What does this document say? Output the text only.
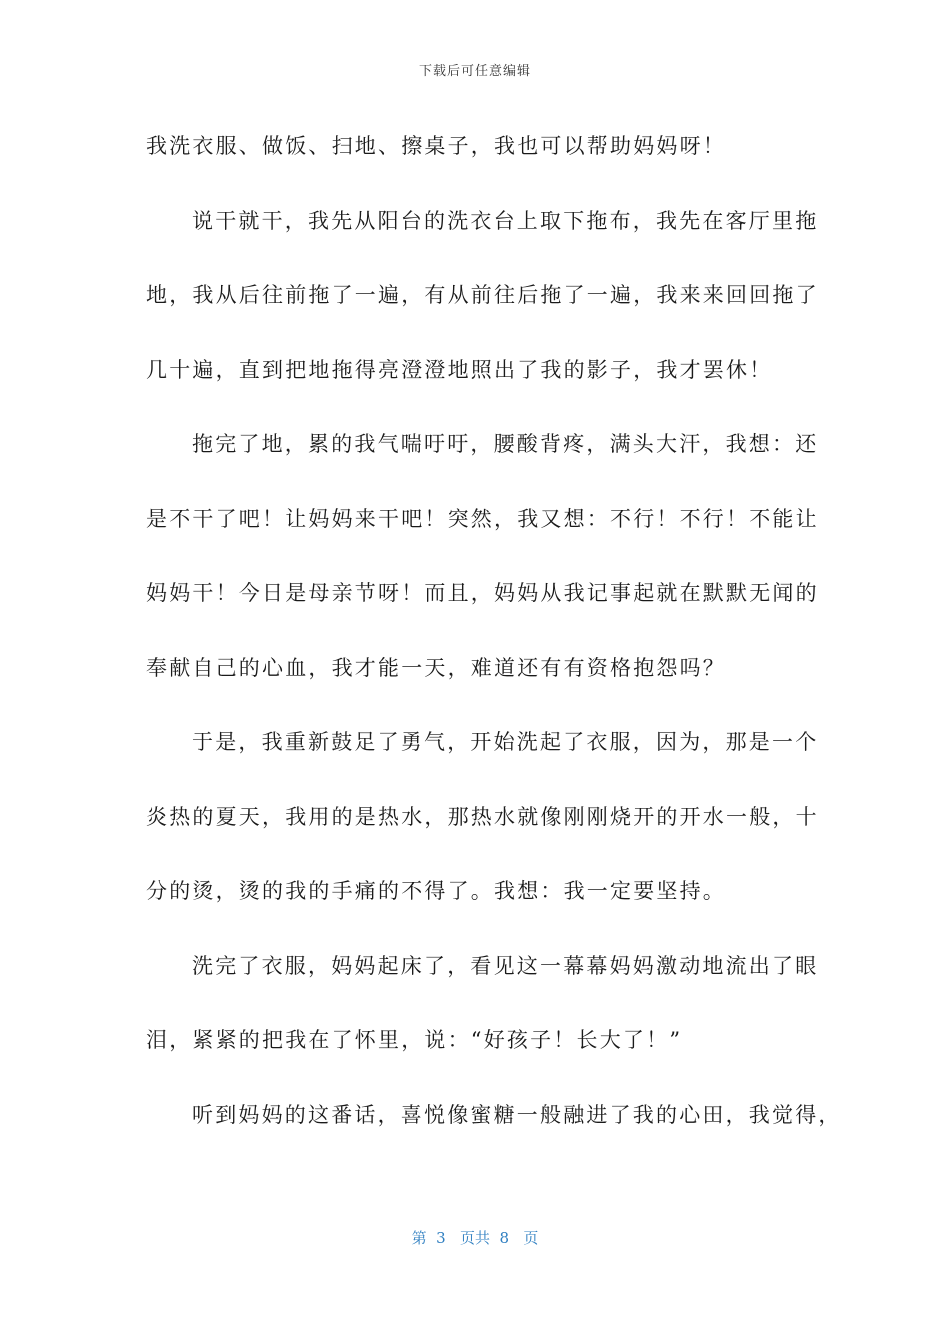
下载后可任意编辑
我洗衣服、做饭、扫地、擦桌子，我也可以帮助妈妈呀！
说干就干，我先从阳台的洗衣台上取下拖布，我先在客厅里拖
地，我从后往前拖了一遍，有从前往后拖了一遍，我来来回回拖了
几十遍，直到把地拖得亮澄澄地照出了我的影子，我才罢休！
拖完了地，累的我气喘吁吁，腰酸背疼，满头大汗，我想：还
是不干了吧！让妈妈来干吧！突然，我又想：不行！不行！不能让
妈妈干！今日是母亲节呀！而且，妈妈从我记事起就在默默无闻的
奉献自己的心血，我才能一天，难道还有有资格抱怨吗？
于是，我重新鼓足了勇气，开始洗起了衣服，因为，那是一个
炎热的夏天，我用的是热水，那热水就像刚刚烧开的开水一般，十
分的烫，烫的我的手痛的不得了。我想：我一定要坚持。
洗完了衣服，妈妈起床了，看见这一幕幕妈妈激动地流出了眼
泪，紧紧的把我在了怀里，说：“好孩子！长大了！”
听到妈妈的这番话，喜悦像蜜糖一般融进了我的心田，我觉得，
第  3   页共  8   页
